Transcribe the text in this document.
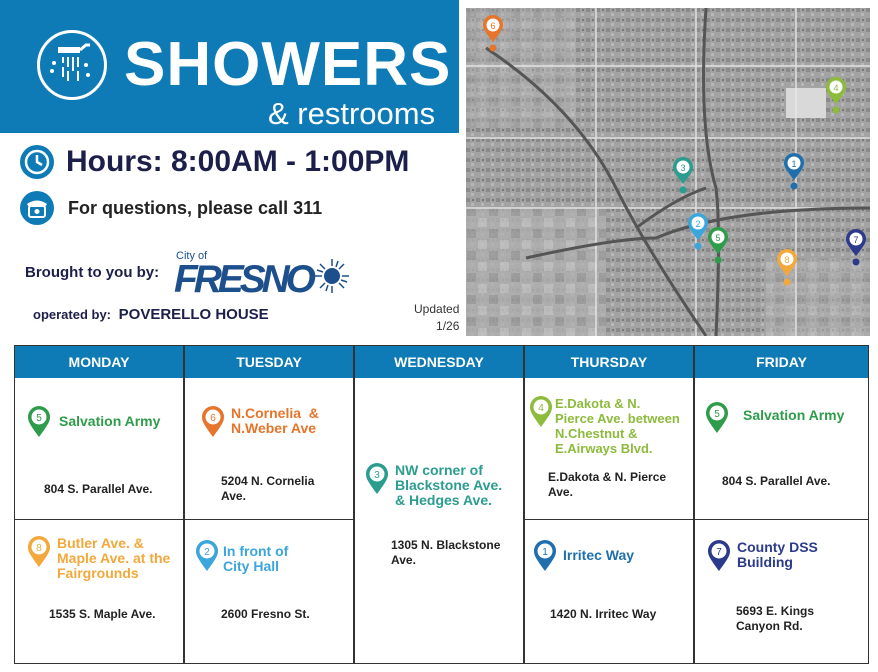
SHOWERS
& restrooms
Hours: 8:00AM - 1:00PM
For questions, please call 311
Brought to you by:
City of
FRESNO
operated by: POVERELLO HOUSE	Updated
1/26
6
4
3	1
2
5
8
7
MONDAY
5 Salvation Army
804 S. Parallel Ave.
8 Butler Ave. &
Maple Ave. at the
Fairgrounds
1535 S. Maple Ave.
TUESDAY
6 N.Cornelia  &
N.Weber Ave
5204 N. Cornelia
Ave.
2 In front of
City Hall
2600 Fresno St.
WEDNESDAY
3 NW corner of
Blackstone Ave.
& Hedges Ave.
1305 N. Blackstone
Ave.
THURSDAY
4 E.Dakota & N.
Pierce Ave. between
N.Chestnut &
E.Airways Blvd.
E.Dakota & N. Pierce
Ave.
1 Irritec Way
1420 N. Irritec Way
FRIDAY
5 Salvation Army
804 S. Parallel Ave.
7 County DSS
Building
5693 E. Kings
Canyon Rd.
